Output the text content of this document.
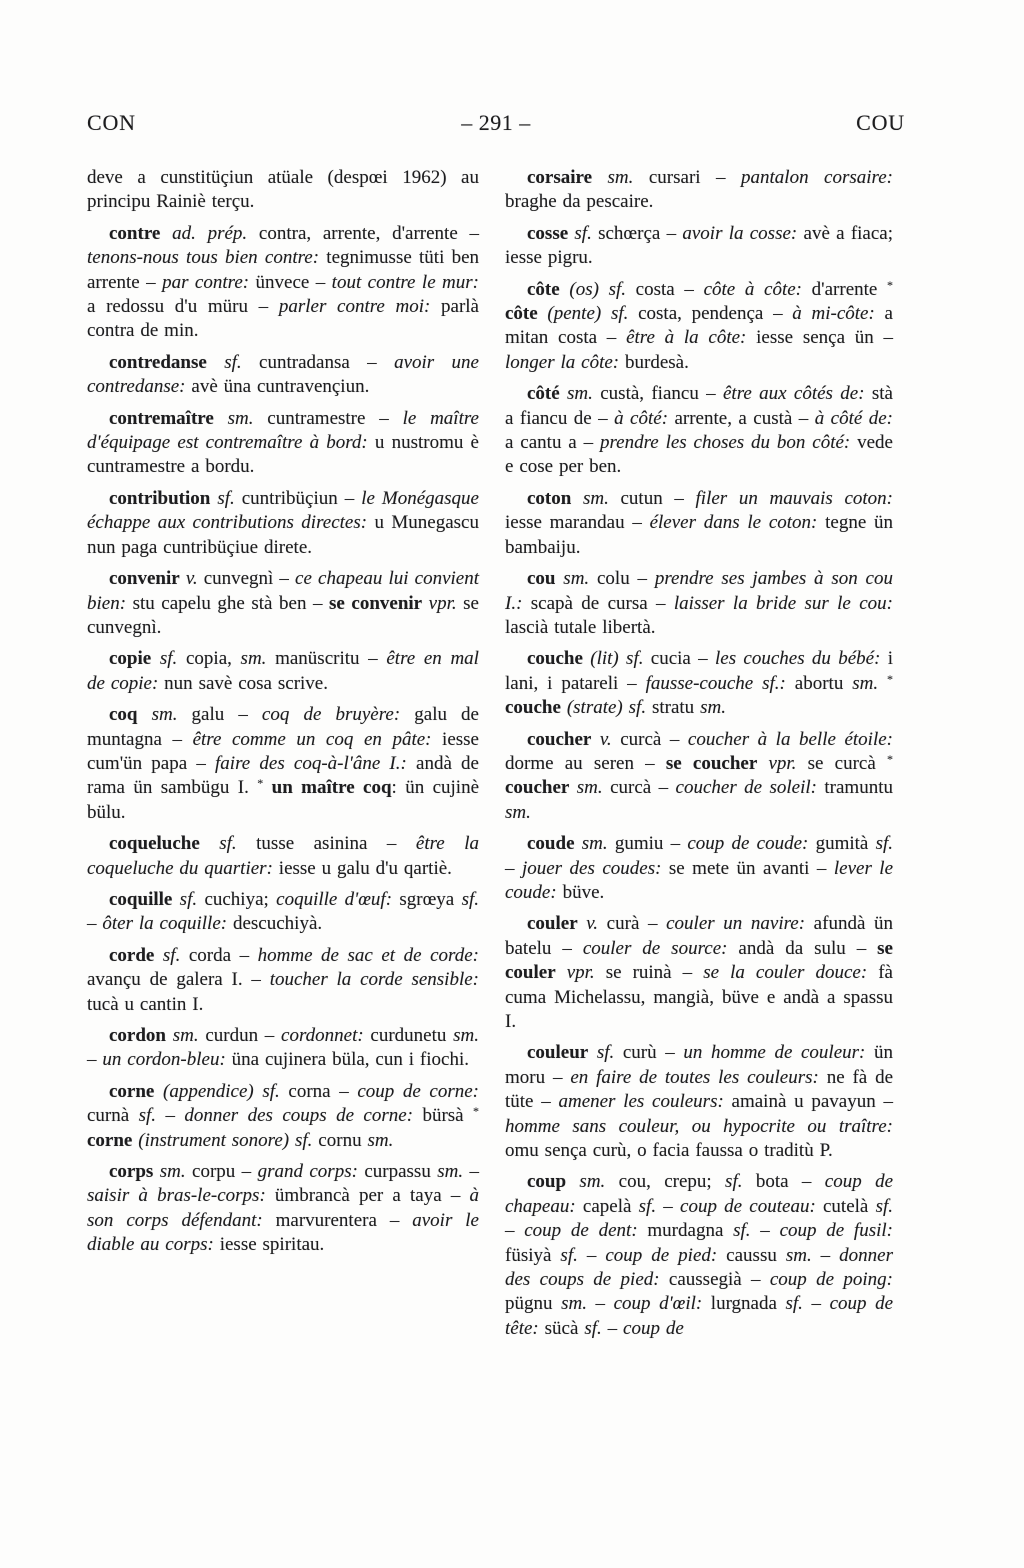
CON	– 291 –	COU

deve a cunstitüçiun atüale (despœi 1962) au principu Rainiè terçu.

contre ad. prép. contra, arrente, d'arrente – tenons-nous tous bien contre: tegnimusse tüti ben arrente – par contre: ünvece – tout contre le mur: a redossu d'u müru – parler contre moi: parlà contra de min.

contredanse sf. cuntradansa – avoir une contredanse: avè üna cuntravençiun.

contremaître sm. cuntramestre – le maître d'équipage est contremaître à bord: u nustromu è cuntramestre a bordu.

contribution sf. cuntribüçiun – le Monégasque échappe aux contributions directes: u Munegascu nun paga cuntribüçiue direte.

convenir v. cunvegnì – ce chapeau lui convient bien: stu capelu ghe stà ben – se convenir vpr. se cunvegnì.

copie sf. copia, sm. manüscritu – être en mal de copie: nun savè cosa scrive.

coq sm. galu – coq de bruyère: galu de muntagna – être comme un coq en pâte: iesse cum'ün papa – faire des coq-à-l'âne I.: andà de rama ün sambügu I. * un maître coq: ün cujinè bülu.

coqueluche sf. tusse asinina – être la coqueluche du quartier: iesse u galu d'u qartiè.

coquille sf. cuchiya; coquille d'œuf: sgrœya sf. – ôter la coquille: descuchiyà.

corde sf. corda – homme de sac et de corde: avançu de galera I. – toucher la corde sensible: tucà u cantin I.

cordon sm. curdun – cordonnet: curdunetu sm. – un cordon-bleu: üna cujinera büla, cun i fiochi.

corne (appendice) sf. corna – coup de corne: curnà sf. – donner des coups de corne: bürsà * corne (instrument sonore) sf. cornu sm.

corps sm. corpu – grand corps: curpassu sm. – saisir à bras-le-corps: ümbrancà per a taya – à son corps défendant: marvurentera – avoir le diable au corps: iesse spiritau.

corsaire sm. cursari – pantalon corsaire: braghe da pescaire.

cosse sf. schœrça – avoir la cosse: avè a fiaca; iesse pigru.

côte (os) sf. costa – côte à côte: d'arrente * côte (pente) sf. costa, pendença – à mi-côte: a mitan costa – être à la côte: iesse sença ün – longer la côte: burdesà.

côté sm. custà, fiancu – être aux côtés de: stà a fiancu de – à côté: arrente, a custà – à côté de: a cantu a – prendre les choses du bon côté: vede e cose per ben.

coton sm. cutun – filer un mauvais coton: iesse marandau – élever dans le coton: tegne ün bambaiju.

cou sm. colu – prendre ses jambes à son cou I.: scapà de cursa – laisser la bride sur le cou: lascià tutale libertà.

couche (lit) sf. cucia – les couches du bébé: i lani, i patareli – fausse-couche sf.: abortu sm. * couche (strate) sf. stratu sm.

coucher v. curcà – coucher à la belle étoile: dorme au seren – se coucher vpr. se curcà * coucher sm. curcà – coucher de soleil: tramuntu sm.

coude sm. gumiu – coup de coude: gumità sf. – jouer des coudes: se mete ün avanti – lever le coude: büve.

couler v. curà – couler un navire: afundà ün batelu – couler de source: andà da sulu – se couler vpr. se ruinà – se la couler douce: fà cuma Michelassu, mangià, büve e andà a spassu I.

couleur sf. curù – un homme de couleur: ün moru – en faire de toutes les couleurs: ne fà de tüte – amener les couleurs: amainà u pavayun – homme sans couleur, ou hypocrite ou traître: omu sença curù, o facia faussa o traditù P.

coup sm. cou, crepu; sf. bota – coup de chapeau: capelà sf. – coup de couteau: cutelà sf. – coup de dent: murdagna sf. – coup de fusil: füsiyà sf. – coup de pied: caussu sm. – donner des coups de pied: caussegià – coup de poing: pügnu sm. – coup d'œil: lurgnada sf. – coup de tête: sücà sf. – coup de
